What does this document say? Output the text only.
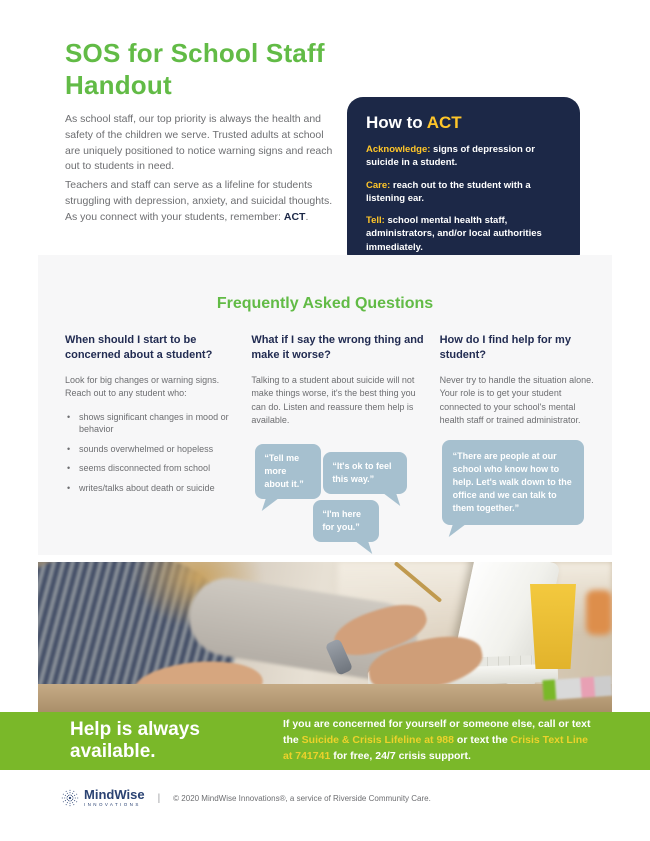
SOS for School Staff
Handout

As school staff, our top priority is always the health and safety of the children we serve. Trusted adults at school are uniquely positioned to notice warning signs and reach out to students in need.

Teachers and staff can serve as a lifeline for students struggling with depression, anxiety, and suicidal thoughts. As you connect with your students, remember: ACT.

How to ACT

Acknowledge: signs of depression or suicide in a student.

Care: reach out to the student with a listening ear.

Tell: school mental health staff, administrators, and/or local authorities immediately.

Frequently Asked Questions
When should I start to be concerned about a student?

Look for big changes or warning signs. Reach out to any student who:

• shows significant changes in mood or behavior
• sounds overwhelmed or hopeless
• seems disconnected from school
• writes/talks about death or suicide
What if I say the wrong thing and make it worse?

Talking to a student about suicide will not make things worse, it's the best thing you can do. Listen and reassure them help is available.

“Tell me more about it.”
“It's ok to feel this way.”
“I'm here for you.”
How do I find help for my student?

Never try to handle the situation alone. Your role is to get your student connected to your school's mental health staff or trained administrator.

“There are people at our school who know how to help. Let's walk down to the office and we can talk to them together.”
Help is always available.

If you are concerned for yourself or someone else, call or text the Suicide & Crisis Lifeline at 988 or text the Crisis Text Line at 741741 for free, 24/7 crisis support.

MindWise
INNOVATIONS
| © 2020 MindWise Innovations®, a service of Riverside Community Care.
